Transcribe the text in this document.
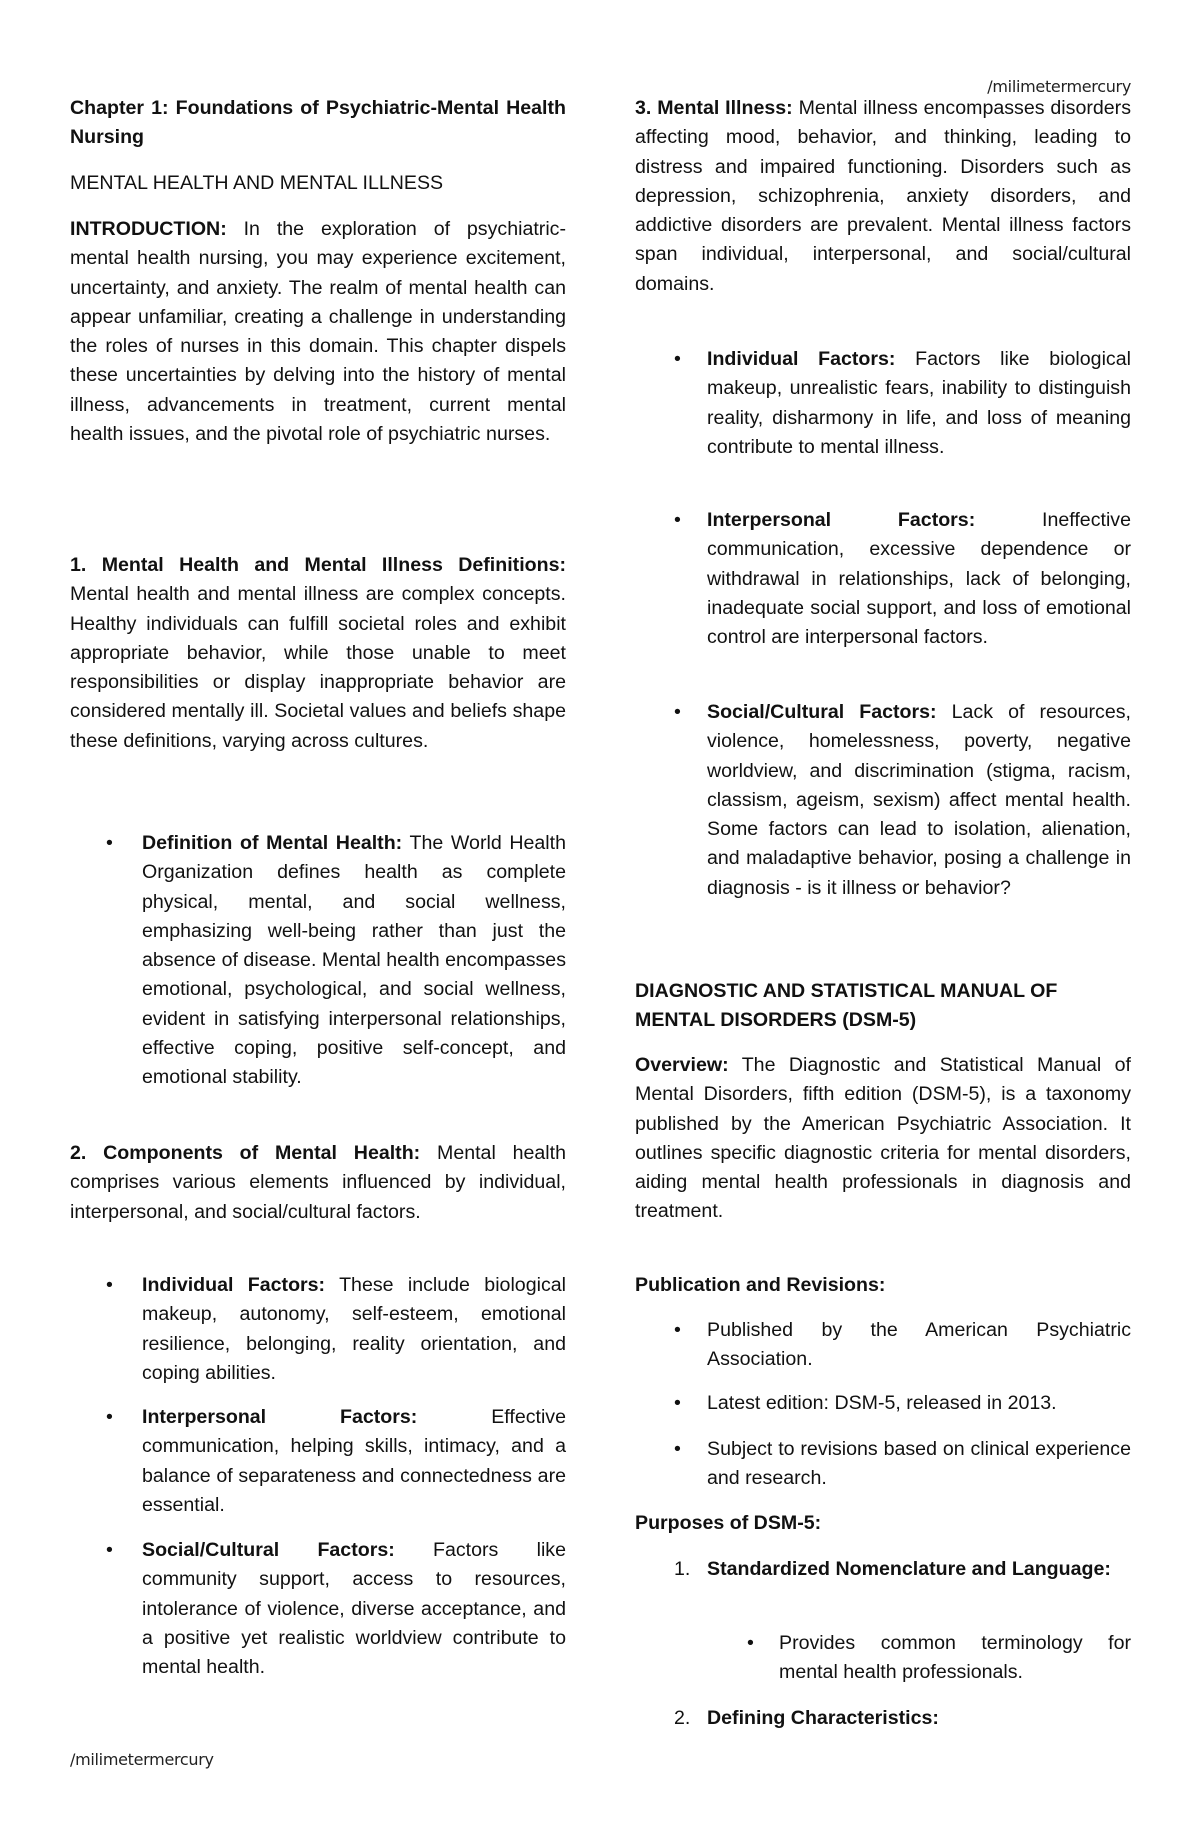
/milimetermercury
Chapter 1: Foundations of Psychiatric-Mental Health Nursing
MENTAL HEALTH AND MENTAL ILLNESS
INTRODUCTION: In the exploration of psychiatric-mental health nursing, you may experience excitement, uncertainty, and anxiety. The realm of mental health can appear unfamiliar, creating a challenge in understanding the roles of nurses in this domain. This chapter dispels these uncertainties by delving into the history of mental illness, advancements in treatment, current mental health issues, and the pivotal role of psychiatric nurses.
1. Mental Health and Mental Illness Definitions: Mental health and mental illness are complex concepts. Healthy individuals can fulfill societal roles and exhibit appropriate behavior, while those unable to meet responsibilities or display inappropriate behavior are considered mentally ill. Societal values and beliefs shape these definitions, varying across cultures.
• Definition of Mental Health: The World Health Organization defines health as complete physical, mental, and social wellness, emphasizing well-being rather than just the absence of disease. Mental health encompasses emotional, psychological, and social wellness, evident in satisfying interpersonal relationships, effective coping, positive self-concept, and emotional stability.
2. Components of Mental Health: Mental health comprises various elements influenced by individual, interpersonal, and social/cultural factors.
• Individual Factors: These include biological makeup, autonomy, self-esteem, emotional resilience, belonging, reality orientation, and coping abilities.
• Interpersonal Factors: Effective communication, helping skills, intimacy, and a balance of separateness and connectedness are essential.
• Social/Cultural Factors: Factors like community support, access to resources, intolerance of violence, diverse acceptance, and a positive yet realistic worldview contribute to mental health.
/milimetermercury
3. Mental Illness: Mental illness encompasses disorders affecting mood, behavior, and thinking, leading to distress and impaired functioning. Disorders such as depression, schizophrenia, anxiety disorders, and addictive disorders are prevalent. Mental illness factors span individual, interpersonal, and social/cultural domains.
• Individual Factors: Factors like biological makeup, unrealistic fears, inability to distinguish reality, disharmony in life, and loss of meaning contribute to mental illness.
• Interpersonal Factors: Ineffective communication, excessive dependence or withdrawal in relationships, lack of belonging, inadequate social support, and loss of emotional control are interpersonal factors.
• Social/Cultural Factors: Lack of resources, violence, homelessness, poverty, negative worldview, and discrimination (stigma, racism, classism, ageism, sexism) affect mental health. Some factors can lead to isolation, alienation, and maladaptive behavior, posing a challenge in diagnosis - is it illness or behavior?
DIAGNOSTIC AND STATISTICAL MANUAL OF MENTAL DISORDERS (DSM-5)
Overview: The Diagnostic and Statistical Manual of Mental Disorders, fifth edition (DSM-5), is a taxonomy published by the American Psychiatric Association. It outlines specific diagnostic criteria for mental disorders, aiding mental health professionals in diagnosis and treatment.
Publication and Revisions:
• Published by the American Psychiatric Association.
• Latest edition: DSM-5, released in 2013.
• Subject to revisions based on clinical experience and research.
Purposes of DSM-5:
1. Standardized Nomenclature and Language:
• Provides common terminology for mental health professionals.
2. Defining Characteristics:
